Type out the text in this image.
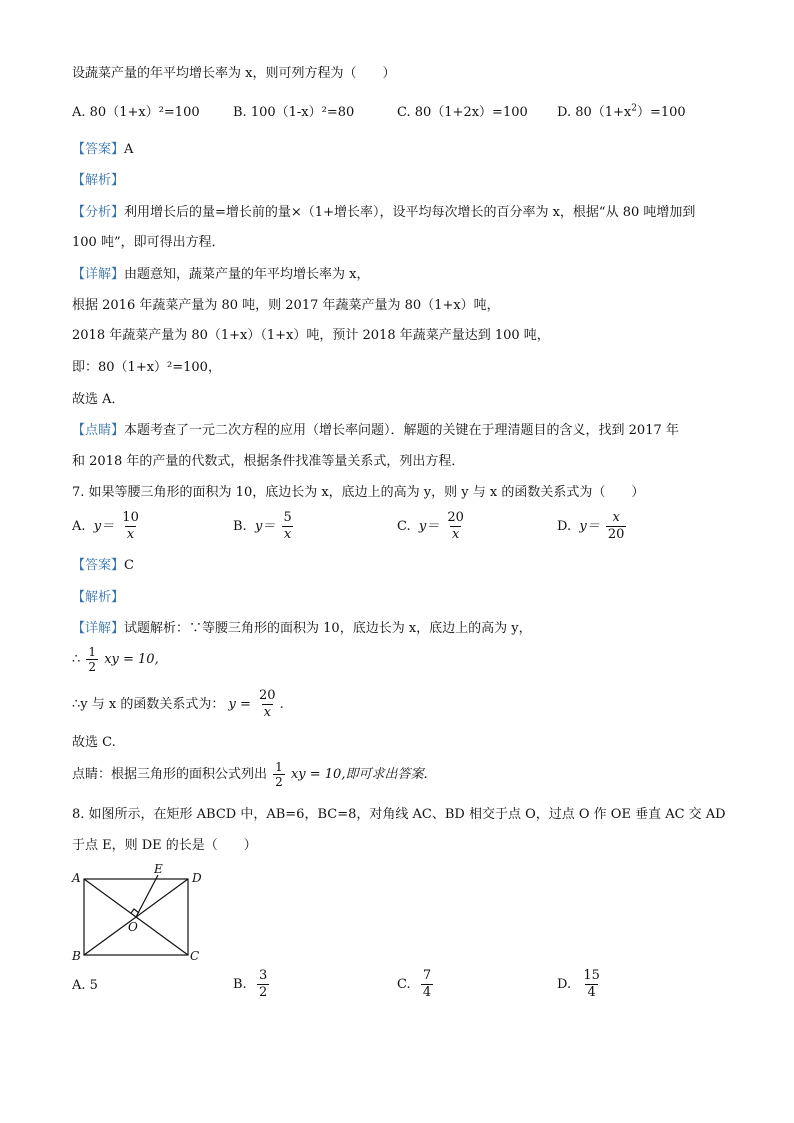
设蔬菜产量的年平均增长率为 x，则可列方程为（　　）
A. 80（1+x）²=100	B. 100（1-x）²=80	C. 80（1+2x）=100 D. $80(1+x^2)=100$
【答案】A
【解析】
【分析】利用增长后的量=增长前的量×（1+增长率），设平均每次增长的百分率为 x，根据“从 80 吨增加到
100 吨”，即可得出方程．
【详解】由题意知，蔬菜产量的年平均增长率为 x，
根据 2016 年蔬菜产量为 80 吨，则 2017 年蔬菜产量为 80（1+x）吨，
2018 年蔬菜产量为 80（1+x）（1+x）吨，预计 2018 年蔬菜产量达到 100 吨，
即：80（1+x）²=100，
故选 A．
【点睛】本题考查了一元二次方程的应用（增长率问题）．解题的关键在于理清题目的含义，找到 2017 年
和 2018 年的产量的代数式，根据条件找准等量关系式，列出方程．
7. 如果等腰三角形的面积为 10，底边长为 x，底边上的高为 y，则 y 与 x 的函数关系式为（　　）
A. $y= \frac{10}{x}$	B. $y= \frac{5}{x}$	C. $y= \frac{20}{x}$	D. $y= \frac{x}{20}$
【答案】C
【解析】
【详解】试题解析：∵等腰三角形的面积为 10，底边长为 x，底边上的高为 y，
∴ $\frac{1}{2}$ xy = 10,
∴y 与 x 的函数关系式为： $y = \frac{20}{x}$ .
故选 C.
点睛：根据三角形的面积公式列出 $\frac{1}{2}$ xy = 10,即可求出答案.
8. 如图所示，在矩形 ABCD 中，AB=6，BC=8，对角线 AC、BD 相交于点 O，过点 O 作 OE 垂直 AC 交 AD
于点 E，则 DE 的长是（　　）
A	D
B	C
E
O
A. 5	B. $\frac{3}{2}$	C. $\frac{7}{4}$	D. $\frac{15}{4}$
